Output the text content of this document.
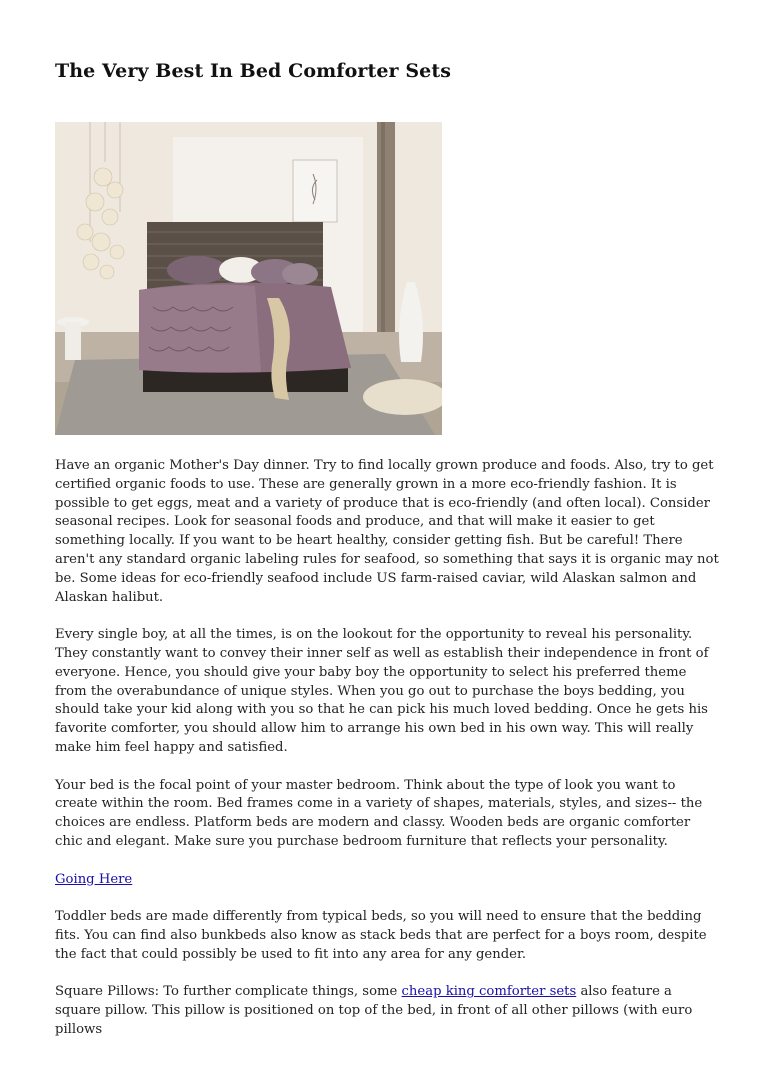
The Very Best In Bed Comforter Sets

Have an organic Mother's Day dinner. Try to find locally grown produce and foods. Also, try to get certified organic foods to use. These are generally grown in a more eco-friendly fashion. It is possible to get eggs, meat and a variety of produce that is eco-friendly (and often local). Consider seasonal recipes. Look for seasonal foods and produce, and that will make it easier to get something locally. If you want to be heart healthy, consider getting fish. But be careful! There aren't any standard organic labeling rules for seafood, so something that says it is organic may not be. Some ideas for eco-friendly seafood include US farm-raised caviar, wild Alaskan salmon and Alaskan halibut.

Every single boy, at all the times, is on the lookout for the opportunity to reveal his personality. They constantly want to convey their inner self as well as establish their independence in front of everyone. Hence, you should give your baby boy the opportunity to select his preferred theme from the overabundance of unique styles. When you go out to purchase the boys bedding, you should take your kid along with you so that he can pick his much loved bedding. Once he gets his favorite comforter, you should allow him to arrange his own bed in his own way. This will really make him feel happy and satisfied.

Your bed is the focal point of your master bedroom. Think about the type of look you want to create within the room. Bed frames come in a variety of shapes, materials, styles, and sizes-- the choices are endless. Platform beds are modern and classy. Wooden beds are organic comforter chic and elegant. Make sure you purchase bedroom furniture that reflects your personality.

Going Here

Toddler beds are made differently from typical beds, so you will need to ensure that the bedding fits. You can find also bunkbeds also know as stack beds that are perfect for a boys room, despite the fact that could possibly be used to fit into any area for any gender.

Square Pillows: To further complicate things, some cheap king comforter sets also feature a square pillow. This pillow is positioned on top of the bed, in front of all other pillows (with euro pillows
